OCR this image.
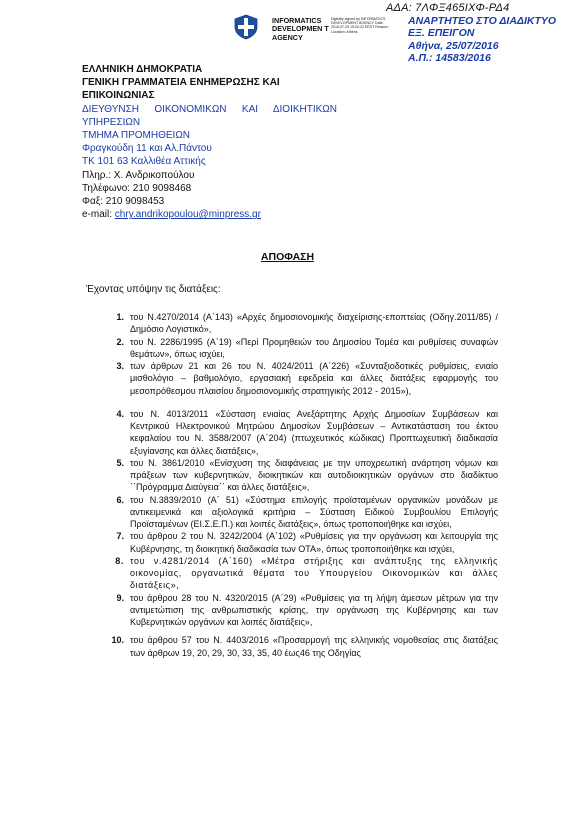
ΑΔΑ: 7ΛΦΞ465ΙΧΦ-ΡΔ4
INFORMATICS DEVELOPMEN T AGENCY
Digitally signed by INFORMATICS DEVELOPMENT AGENCY Date: 2016.07.25 15:02:22 EEST Reason: Location: Athens
ΑΝΑΡΤΗΤΕΟ ΣΤΟ ΔΙΑΔΙΚΤΥΟ
ΕΞ. ΕΠΕΙΓΟΝ
Αθήνα, 25/07/2016
Α.Π.: 14583/2016
ΕΛΛΗΝΙΚΗ ΔΗΜΟΚΡΑΤΙΑ
ΓΕΝΙΚΗ ΓΡΑΜΜΑΤΕΙΑ ΕΝΗΜΕΡΩΣΗΣ ΚΑΙ
ΕΠΙΚΟΙΝΩΝΙΑΣ
ΔΙΕΥΘΥΝΣΗ ΟΙΚΟΝΟΜΙΚΩΝ ΚΑΙ ΔΙΟΙΚΗΤΙΚΩΝ
ΥΠΗΡΕΣΙΩΝ
ΤΜΗΜΑ ΠΡΟΜΗΘΕΙΩΝ
Φραγκούδη 11 και Αλ.Πάντου
ΤΚ 101 63 Καλλιθέα Αττικής
Πληρ.: Χ. Ανδρικοπούλου
Τηλέφωνο: 210 9098468
Φαξ: 210 9098453
e-mail: chry.andrikopoulou@minpress.gr
ΑΠΟΦΑΣΗ
Έχοντας υπόψην τις διατάξεις:
1. του Ν.4270/2014 (Α΄143) «Αρχές δημοσιονομικής διαχείρισης-εποπτείας (Οδηγ.2011/85) / Δημόσιο Λογιστικό»,
2. του Ν. 2286/1995 (Α΄19) «Περί Προμηθειών του Δημοσίου Τομέα και ρυθμίσεις συναφών θεμάτων», όπως ισχύει,
3. των άρθρων 21 και 26 του Ν. 4024/2011 (Α΄226) «Συνταξιοδοτικές ρυθμίσεις, ενιαίο μισθολόγιο – βαθμολόγιο, εργασιακή εφεδρεία και άλλες διατάξεις εφαρμογής του μεσοπρόθεσμου πλαισίου δημοσιονομικής στρατηγικής 2012 - 2015»),
4. του Ν. 4013/2011 «Σύσταση ενιαίας Ανεξάρτητης Αρχής Δημοσίων Συμβάσεων και Κεντρικού Ηλεκτρονικού Μητρώου Δημοσίων Συμβάσεων – Αντικατάσταση του έκτου κεφαλαίου του Ν. 3588/2007 (Α΄204) (πτωχευτικός κώδικας) Προπτωχευτική διαδικασία εξυγίανσης και άλλες διατάξεις»,
5. του Ν. 3861/2010 «Ενίσχυση της διαφάνειας με την υποχρεωτική ανάρτηση νόμων και πράξεων των κυβερνητικών, διοικητικών και αυτοδιοικητικών οργάνων στο διαδίκτυο ΄΄Πρόγραμμα Διαύγεια΄΄ και άλλες διατάξεις»,
6. του Ν.3839/2010 (Α΄ 51) «Σύστημα επιλογής προϊσταμένων οργανικών μονάδων με αντικειμενικά και αξιολογικά κριτήρια – Σύσταση Ειδικού Συμβουλίου Επιλογής Προϊσταμένων (ΕΙ.Σ.Ε.Π.) και λοιπές διατάξεις», όπως τροποποιήθηκε και ισχύει,
7. του άρθρου 2 του Ν. 3242/2004 (Α΄102) «Ρυθμίσεις για την οργάνωση και λειτουργία της Κυβέρνησης, τη διοικητική διαδικασία των ΟΤΑ», όπως τροποποιήθηκε και ισχύει,
8. του ν.4281/2014 (Α΄160) «Μέτρα στήριξης και ανάπτυξης της ελληνικής οικονομίας, οργανωτικά θέματα του Υπουργείου Οικονομικών και άλλες διατάξεις»,
9. του άρθρου 28 του Ν. 4320/2015 (Α΄29) «Ρυθμίσεις για τη λήψη άμεσων μέτρων για την αντιμετώπιση της ανθρωπιστικής κρίσης, την οργάνωση της Κυβέρνησης και των Κυβερνητικών οργάνων και λοιπές διατάξεις»,
10. του άρθρου 57 του Ν. 4403/2016 «Προσαρμογή της ελληνικής νομοθεσίας στις διατάξεις των άρθρων 19, 20, 29, 30, 33, 35, 40 έως46 της Οδηγίας
